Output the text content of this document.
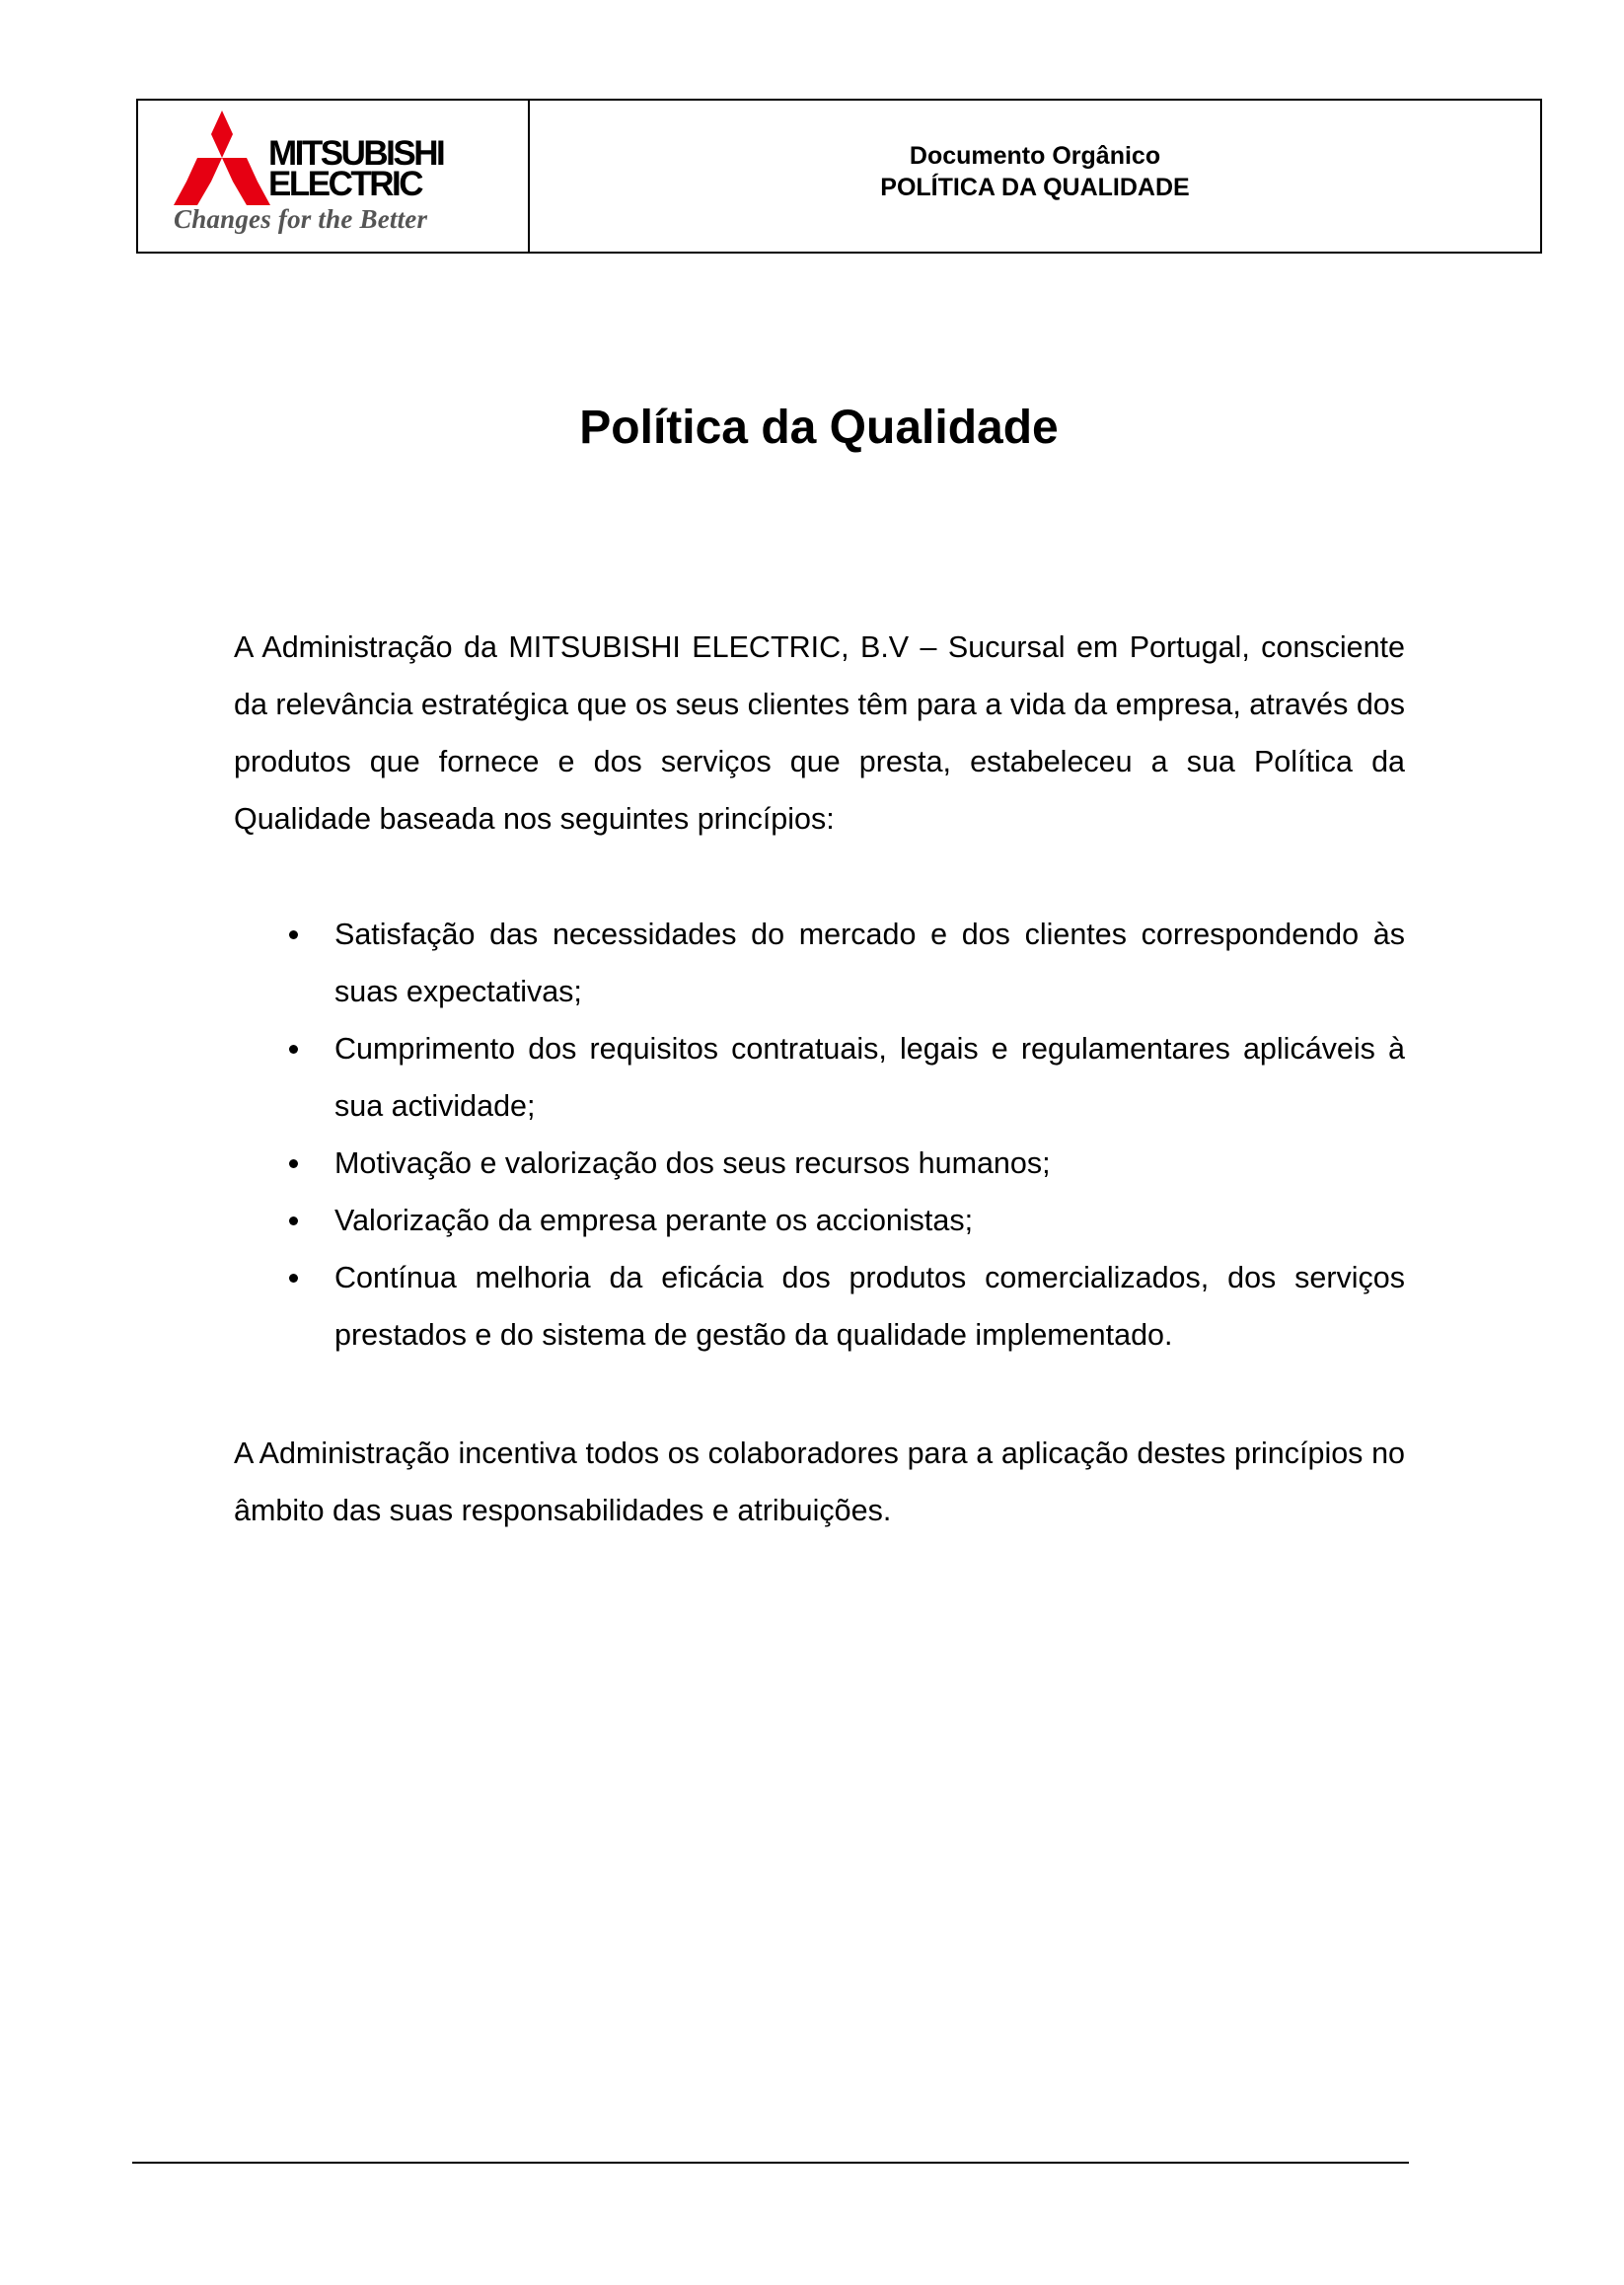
MITSUBISHI
ELECTRIC
Changes for the Better
Documento Orgânico
POLÍTICA DA QUALIDADE
Política da Qualidade

A Administração da MITSUBISHI ELECTRIC, B.V – Sucursal em Portugal, consciente da relevância estratégica que os seus clientes têm para a vida da empresa, através dos produtos que fornece e dos serviços que presta, estabeleceu a sua Política da Qualidade baseada nos seguintes princípios:

Satisfação das necessidades do mercado e dos clientes correspondendo às suas expectativas;
Cumprimento dos requisitos contratuais, legais e regulamentares aplicáveis à sua actividade;
Motivação e valorização dos seus recursos humanos;
Valorização da empresa perante os accionistas;
Contínua melhoria da eficácia dos produtos comercializados, dos serviços prestados e do sistema de gestão da qualidade implementado.

A Administração incentiva todos os colaboradores para a aplicação destes princípios no âmbito das suas responsabilidades e atribuições.
